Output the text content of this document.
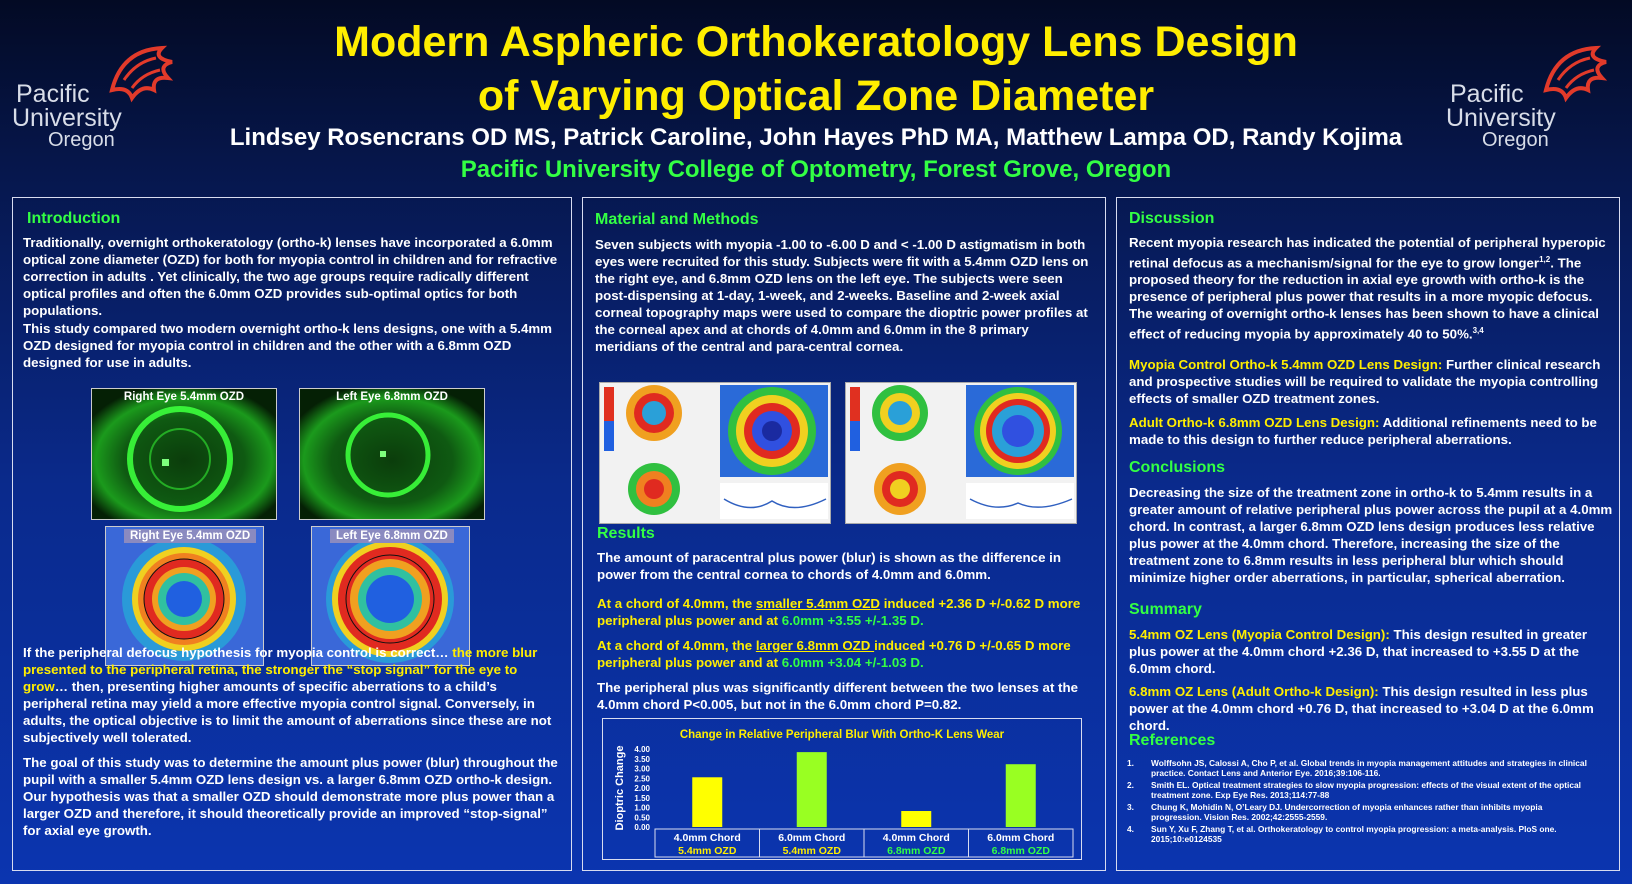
Pacific
University
Oregon
Pacific
University
Oregon
Modern Aspheric Orthokeratology Lens Design
of Varying Optical Zone Diameter
Lindsey Rosencrans OD MS, Patrick Caroline, John Hayes PhD MA, Matthew Lampa OD, Randy Kojima
Pacific University College of Optometry, Forest Grove, Oregon
Introduction
Traditionally, overnight orthokeratology (ortho-k) lenses have incorporated a 6.0mm optical zone diameter (OZD) for both for myopia control in children and for refractive correction in adults . Yet clinically, the two age groups require radically different optical profiles and often the 6.0mm OZD provides sub-optimal optics for both populations.
This study compared two modern overnight ortho-k lens designs, one with a 5.4mm OZD designed for myopia control in children and the other with a 6.8mm OZD designed for use in adults.
Right Eye 5.4mm OZD	Left Eye 6.8mm OZD
Right Eye 5.4mm OZD	Left Eye 6.8mm OZD
If the peripheral defocus hypothesis for myopia control is correct… the more blur presented to the peripheral retina, the stronger the “stop signal” for the eye to grow… then, presenting higher amounts of specific aberrations to a child’s peripheral retina may yield a more effective myopia control signal. Conversely, in adults, the optical objective is to limit the amount of aberrations since these are not subjectively well tolerated.
The goal of this study was to determine the amount plus power (blur) throughout the pupil with a smaller 5.4mm OZD lens design vs. a larger 6.8mm OZD ortho-k design. Our hypothesis was that a smaller OZD should demonstrate more plus power than a larger OZD and therefore, it should theoretically provide an improved “stop-signal” for axial eye growth.
Material and Methods
Seven subjects with myopia -1.00 to -6.00 D and < -1.00 D astigmatism in both eyes were recruited for this study. Subjects were fit with a 5.4mm OZD lens on the right eye, and 6.8mm OZD lens on the left eye. The subjects were seen post-dispensing at 1-day, 1-week, and 2-weeks. Baseline and 2-week axial corneal topography maps were used to compare the dioptric power profiles at the corneal apex and at chords of 4.0mm and 6.0mm in the 8 primary meridians of the central and para-central cornea.
Results
The amount of paracentral plus power (blur) is shown as the difference in power from the central cornea to chords of 4.0mm and 6.0mm.
At a chord of 4.0mm, the smaller 5.4mm OZD induced +2.36 D +/-0.62 D more peripheral plus power and at 6.0mm +3.55 +/-1.35 D.
At a chord of 4.0mm, the larger 6.8mm OZD induced +0.76 D +/-0.65 D more peripheral plus power and at 6.0mm +3.04 +/-1.03 D.
The peripheral plus was significantly different between the two lenses at the 4.0mm chord P<0.005, but not in the 6.0mm chord P=0.82.
Change in Relative Peripheral Blur With Ortho-K Lens Wear
Dioptric Change 4.00
3.50
3.00
2.50
2.00
1.50
1.00
0.50
0.00
4.0mm Chord
5.4mm OZD
6.0mm Chord
5.4mm OZD
4.0mm Chord
6.8mm OZD
6.0mm Chord
6.8mm OZD
Discussion
Recent myopia research has indicated the potential of peripheral hyperopic retinal defocus as a mechanism/signal for the eye to grow longer$^{1,2}$. The proposed theory for the reduction in axial eye growth with ortho-k is the presence of peripheral plus power that results in a more myopic defocus. The wearing of overnight ortho-k lenses has been shown to have a clinical effect of reducing myopia by approximately 40 to 50%.$^{3,4}$
Myopia Control Ortho-k 5.4mm OZD Lens Design: Further clinical research and prospective studies will be required to validate the myopia controlling effects of smaller OZD treatment zones.
Adult Ortho-k 6.8mm OZD Lens Design: Additional refinements need to be made to this design to further reduce peripheral aberrations.
Conclusions
Decreasing the size of the treatment zone in ortho-k to 5.4mm results in a greater amount of relative peripheral plus power across the pupil at a 4.0mm chord. In contrast, a larger 6.8mm OZD lens design produces less relative plus power at the 4.0mm chord. Therefore, increasing the size of the treatment zone to 6.8mm results in less peripheral blur which should minimize higher order aberrations, in particular, spherical aberration.
Summary
5.4mm OZ Lens (Myopia Control Design): This design resulted in greater plus power at the 4.0mm chord +2.36 D, that increased to +3.55 D at the 6.0mm chord.
6.8mm OZ Lens (Adult Ortho-k Design): This design resulted in less plus power at the 4.0mm chord +0.76 D, that increased to +3.04 D at the 6.0mm chord.
References
1. Wolffsohn JS, Calossi A, Cho P, et al. Global trends in myopia management attitudes and strategies in clinical practice. Contact Lens and Anterior Eye. 2016;39:106-116.
2. Smith EL. Optical treatment strategies to slow myopia progression: effects of the visual extent of the optical treatment zone. Exp Eye Res. 2013;114:77-88
3. Chung K, Mohidin N, O’Leary DJ. Undercorrection of myopia enhances rather than inhibits myopia progression. Vision Res. 2002;42:2555-2559.
4. Sun Y, Xu F, Zhang T, et al. Orthokeratology to control myopia progression: a meta-analysis. PloS one. 2015;10:e0124535
